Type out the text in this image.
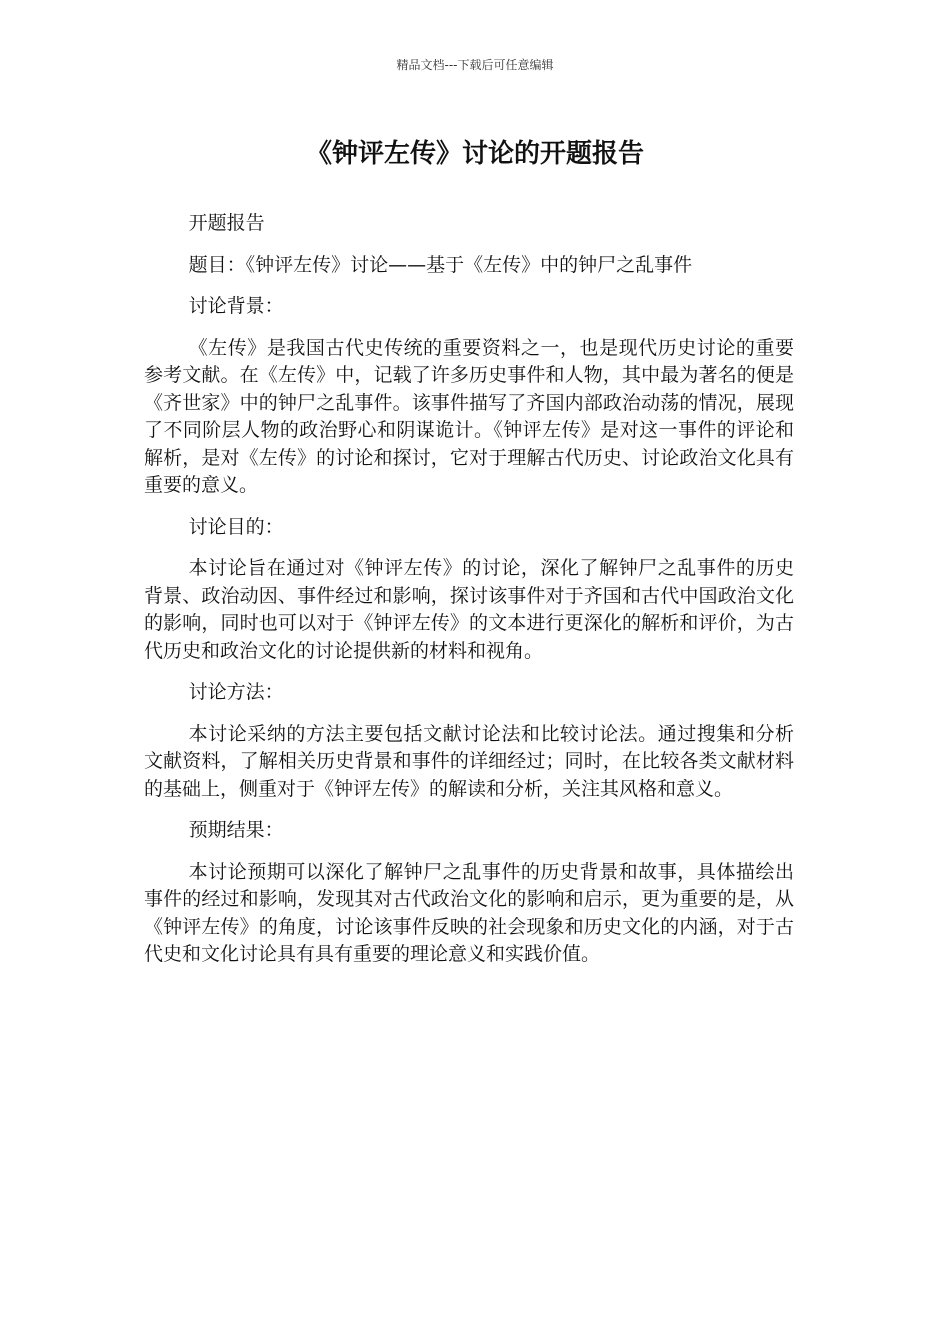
精品文档---下载后可任意编辑
《钟评左传》讨论的开题报告

开题报告

题目：《钟评左传》讨论——基于《左传》中的钟尸之乱事件

讨论背景：

《左传》是我国古代史传统的重要资料之一，也是现代历史讨论的重要参考文献。在《左传》中，记载了许多历史事件和人物，其中最为著名的便是《齐世家》中的钟尸之乱事件。该事件描写了齐国内部政治动荡的情况，展现了不同阶层人物的政治野心和阴谋诡计。《钟评左传》是对这一事件的评论和解析，是对《左传》的讨论和探讨，它对于理解古代历史、讨论政治文化具有重要的意义。

讨论目的：

本讨论旨在通过对《钟评左传》的讨论，深化了解钟尸之乱事件的历史背景、政治动因、事件经过和影响，探讨该事件对于齐国和古代中国政治文化的影响，同时也可以对于《钟评左传》的文本进行更深化的解析和评价，为古代历史和政治文化的讨论提供新的材料和视角。

讨论方法：

本讨论采纳的方法主要包括文献讨论法和比较讨论法。通过搜集和分析文献资料，了解相关历史背景和事件的详细经过；同时，在比较各类文献材料的基础上，侧重对于《钟评左传》的解读和分析，关注其风格和意义。

预期结果：

本讨论预期可以深化了解钟尸之乱事件的历史背景和故事，具体描绘出事件的经过和影响，发现其对古代政治文化的影响和启示，更为重要的是，从《钟评左传》的角度，讨论该事件反映的社会现象和历史文化的内涵，对于古代史和文化讨论具有具有重要的理论意义和实践价值。
